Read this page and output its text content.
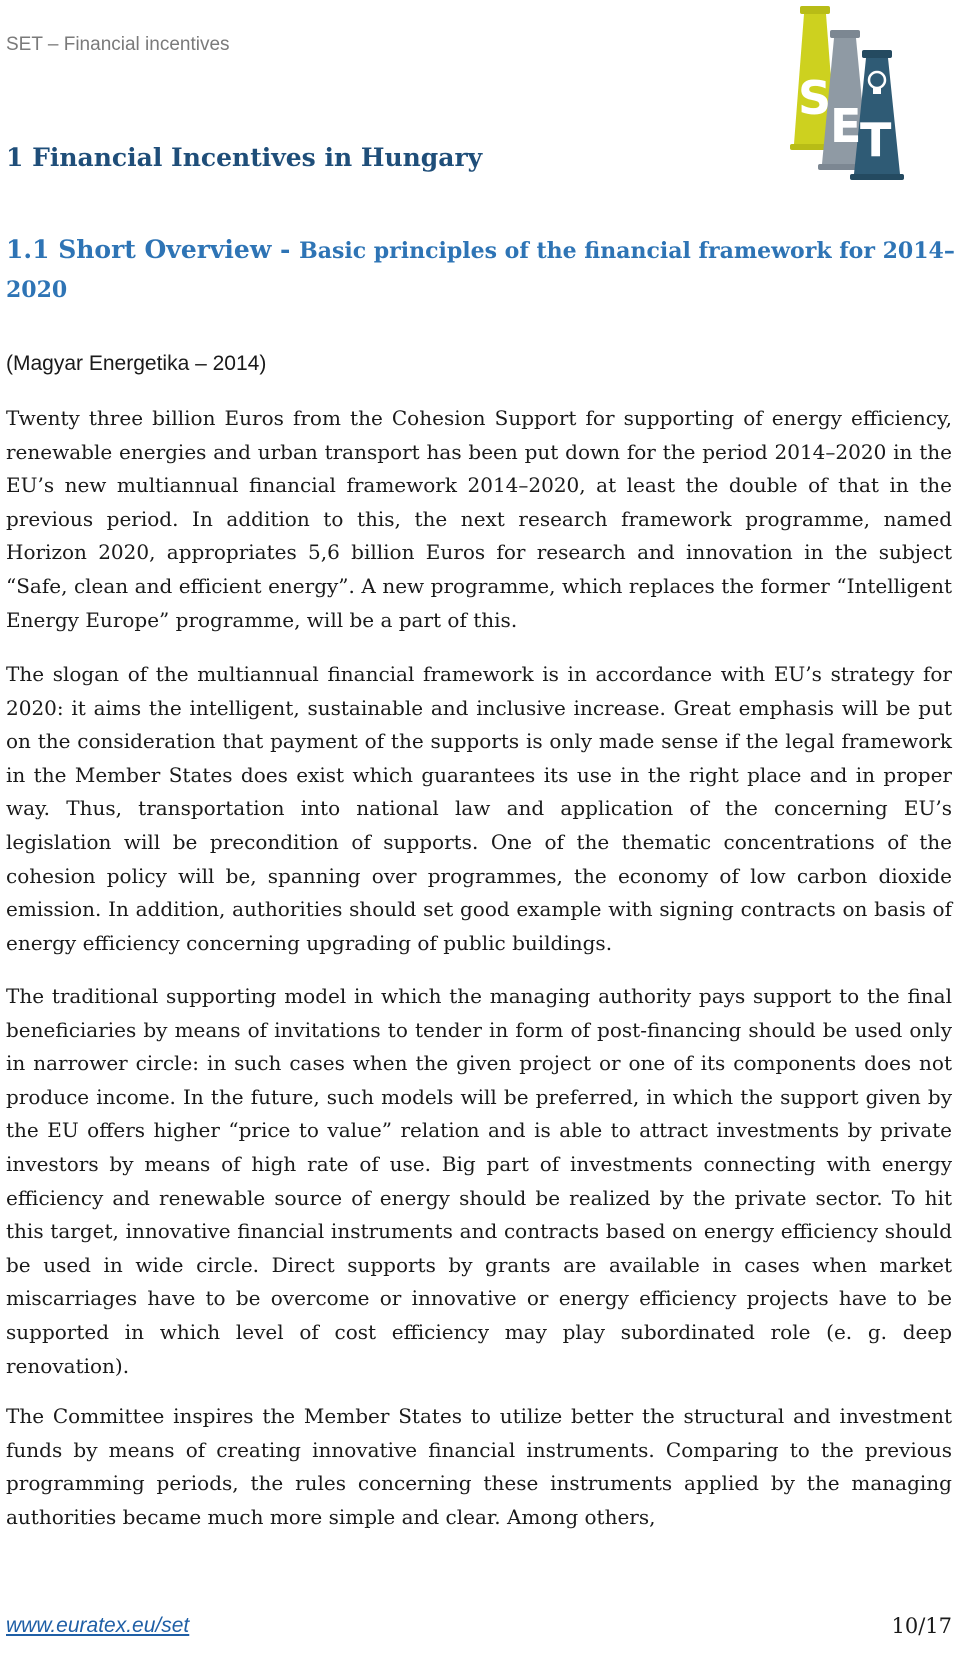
SET – Financial incentives
S
E
T
1 Financial Incentives in Hungary
1.1 Short Overview - Basic principles of the financial framework for 2014–2020
(Magyar Energetika – 2014)
Twenty three billion Euros from the Cohesion Support for supporting of energy efficiency, renewable energies and urban transport has been put down for the period 2014–2020 in the EU’s new multiannual financial framework 2014–2020, at least the double of that in the previous period. In addition to this, the next research framework programme, named Horizon 2020, appropriates 5,6 billion Euros for research and innovation in the subject “Safe, clean and efficient energy”. A new programme, which replaces the former “Intelligent Energy Europe” programme, will be a part of this.
The slogan of the multiannual financial framework is in accordance with EU’s strategy for 2020: it aims the intelligent, sustainable and inclusive increase. Great emphasis will be put on the consideration that payment of the supports is only made sense if the legal framework in the Member States does exist which guarantees its use in the right place and in proper way. Thus, transportation into national law and application of the concerning EU’s legislation will be precondition of supports. One of the thematic concentrations of the cohesion policy will be, spanning over programmes, the economy of low carbon dioxide emission. In addition, authorities should set good example with signing contracts on basis of energy efficiency concerning upgrading of public buildings.
The traditional supporting model in which the managing authority pays support to the final beneficiaries by means of invitations to tender in form of post-financing should be used only in narrower circle: in such cases when the given project or one of its components does not produce income. In the future, such models will be preferred, in which the support given by the EU offers higher “price to value” relation and is able to attract investments by private investors by means of high rate of use. Big part of investments connecting with energy efficiency and renewable source of energy should be realized by the private sector. To hit this target, innovative financial instruments and contracts based on energy efficiency should be used in wide circle. Direct supports by grants are available in cases when market miscarriages have to be overcome or innovative or energy efficiency projects have to be supported in which level of cost efficiency may play subordinated role (e. g. deep renovation).
The Committee inspires the Member States to utilize better the structural and investment funds by means of creating innovative financial instruments. Comparing to the previous programming periods, the rules concerning these instruments applied by the managing authorities became much more simple and clear. Among others,
www.euratex.eu/set	10/17
